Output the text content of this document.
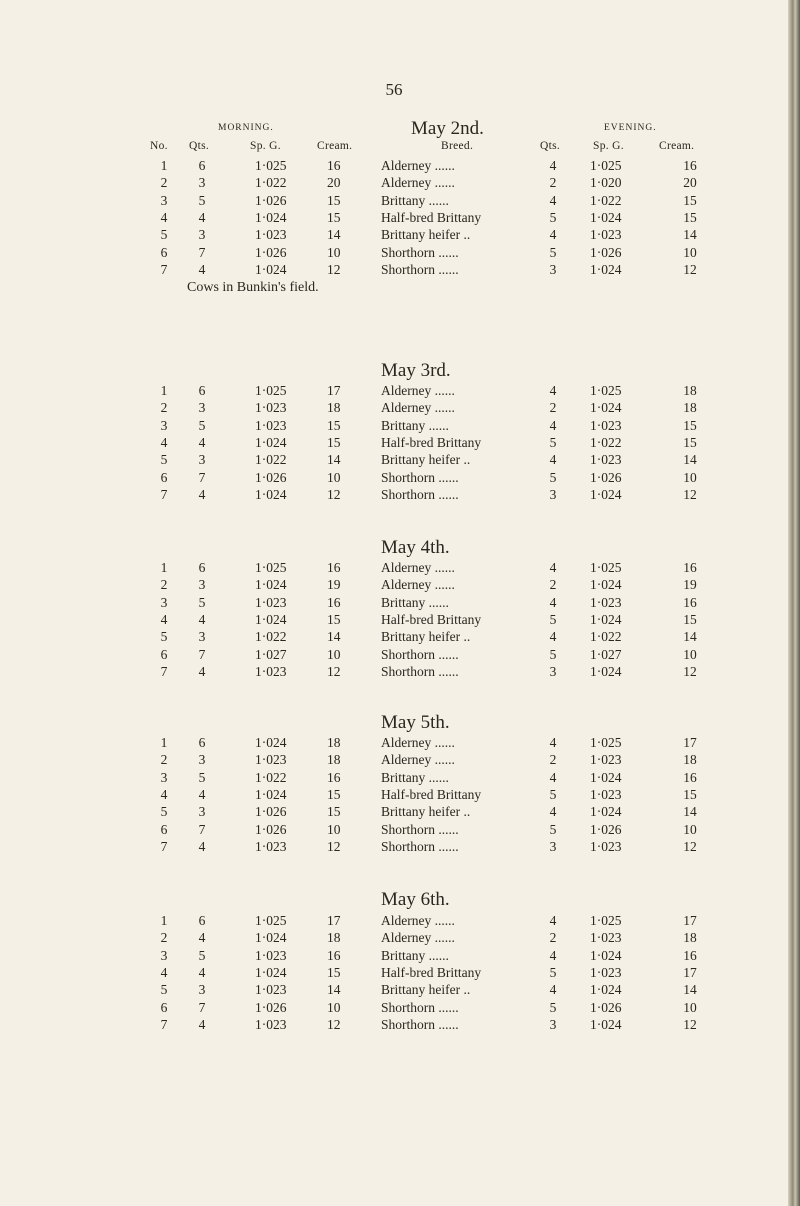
56
MORNING.	EVENING.
No. Qts.	Sp. G.	Cream.	Breed.	Qts.	Sp. G.	Cream.
May 2nd.
1	6	1·025	16	Alderney ......	4	1·025	16
2	3	1·022	20	Alderney ......	2	1·020	20
3	5	1·026	15	Brittany ......	4	1·022	15
4	4	1·024	15	Half-bred Brittany	5	1·024	15
5	3	1·023	14	Brittany heifer ..	4	1·023	14
6	7	1·026	10	Shorthorn ......	5	1·026	10
7	4	1·024	12	Shorthorn ......	3	1·024	12
Cows in Bunkin's field.
May 3rd.
1	6	1·025	17	Alderney ......	4	1·025	18
2	3	1·023	18	Alderney ......	2	1·024	18
3	5	1·023	15	Brittany ......	4	1·023	15
4	4	1·024	15	Half-bred Brittany	5	1·022	15
5	3	1·022	14	Brittany heifer ..	4	1·023	14
6	7	1·026	10	Shorthorn ......	5	1·026	10
7	4	1·024	12	Shorthorn ......	3	1·024	12
May 4th.
1	6	1·025	16	Alderney ......	4	1·025	16
2	3	1·024	19	Alderney ......	2	1·024	19
3	5	1·023	16	Brittany ......	4	1·023	16
4	4	1·024	15	Half-bred Brittany	5	1·024	15
5	3	1·022	14	Brittany heifer ..	4	1·022	14
6	7	1·027	10	Shorthorn ......	5	1·027	10
7	4	1·023	12	Shorthorn ......	3	1·024	12
May 5th.
1	6	1·024	18	Alderney ......	4	1·025	17
2	3	1·023	18	Alderney ......	2	1·023	18
3	5	1·022	16	Brittany ......	4	1·024	16
4	4	1·024	15	Half-bred Brittany	5	1·023	15
5	3	1·026	15	Brittany heifer ..	4	1·024	14
6	7	1·026	10	Shorthorn ......	5	1·026	10
7	4	1·023	12	Shorthorn ......	3	1·023	12
May 6th.
1	6	1·025	17	Alderney ......	4	1·025	17
2	4	1·024	18	Alderney ......	2	1·023	18
3	5	1·023	16	Brittany ......	4	1·024	16
4	4	1·024	15	Half-bred Brittany	5	1·023	17
5	3	1·023	14	Brittany heifer ..	4	1·024	14
6	7	1·026	10	Shorthorn ......	5	1·026	10
7	4	1·023	12	Shorthorn ......	3	1·024	12
